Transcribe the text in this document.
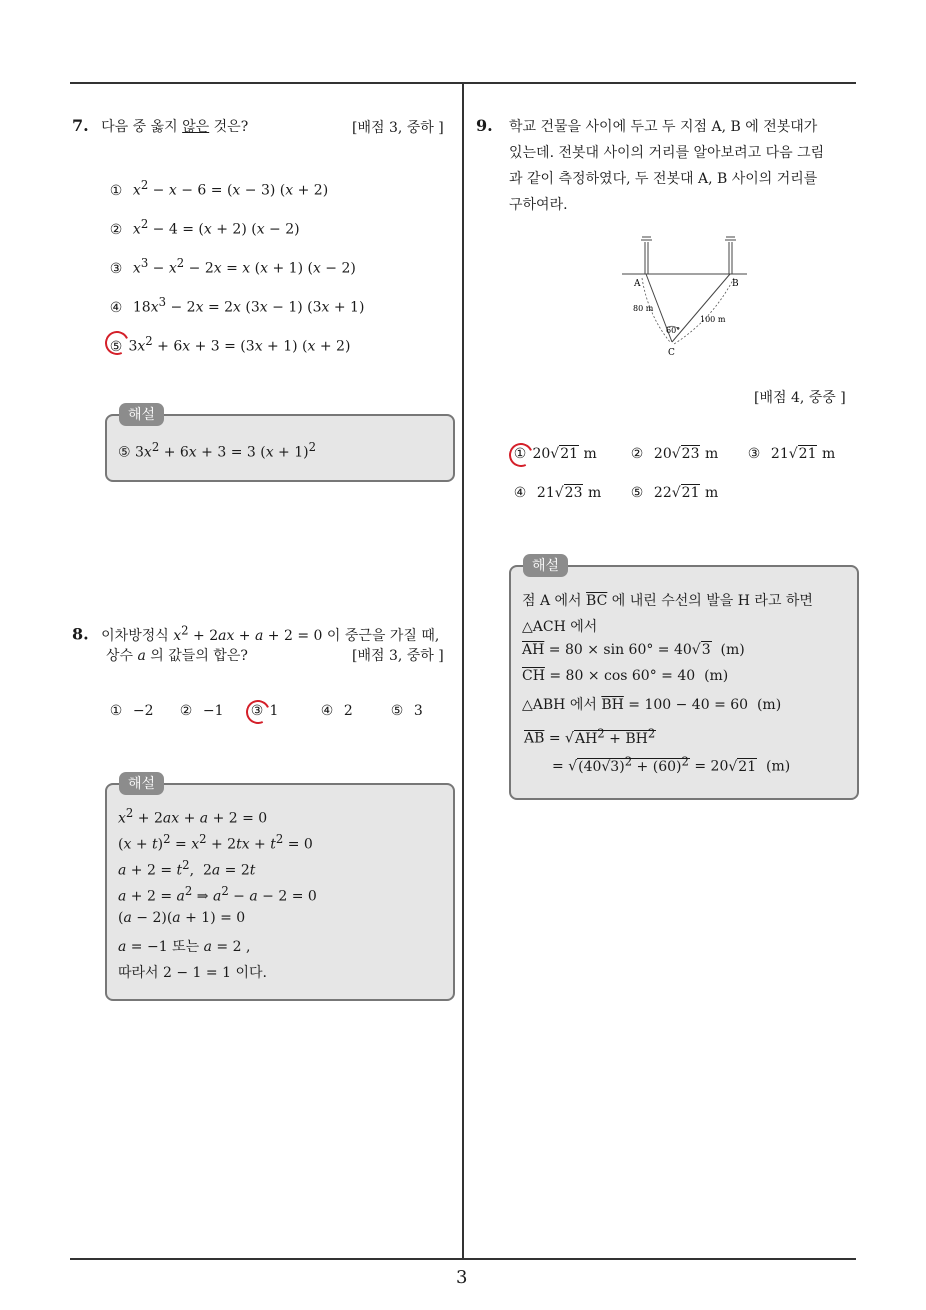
3
7. 다음 중 옳지 않은 것은?	[배점 3, 중하 ]
① $x^2 - x - 6 = (x - 3) (x + 2)$
② $x^2 - 4 = (x + 2) (x - 2)$
③ $x^3 - x^2 - 2x = x$ (x + 1) (x − 2)
④  $18x^3 - 2x = 2x$ (3x − 1) (3x + 1)
⑤ $3x^2 + 6x + 3 = (3x + 1) (x + 2)$
해설
⑤ $3x^2 + 6x + 3 = 3$ $(x + 1)^2$
8. 이차방정식 $x^2 + 2ax + a + 2 = 0$ 이 중근을 가질 때,
상수 a 의 값들의 합은?	[배점 3, 중하 ]
① −2 ② −1 ③ 1	④ 2	⑤ 3
해설
$x^2 + 2ax + a + 2 = 0$
$(x + t)^2 = x^2 + 2tx + t^2 = 0$
$a + 2 = t^2$,  2a = 2t
$a + 2 = a^2$ ⇒ $a^2 - a - 2 = 0$
(a − 2)(a + 1) = 0
a = −1 또는 a = 2 ,
따라서 2 − 1 = 1 이다.
9. 학교 건물을 사이에 두고 두 지점 A, B 에 전봇대가
있는데. 전봇대 사이의 거리를 알아보려고 다음 그림
과 같이 측정하였다, 두 전봇대 A, B 사이의 거리를
구하여라.
A	B
C
80 m
100 m
60°
[배점 4, 중중 ]
① 20√21 m ② 20√23 m ③ 21√21 m
④ 21√23 m ⑤ 22√21 m
해설
점 A 에서 $\overline{BC}$ 에 내린 수선의 발을 H 라고 하면
△ACH 에서
$\overline{AH} = 80 \times \sin 60^\circ = 40√3$  (m)
$\overline{CH} = 80 \times \cos 60^\circ = 40$  (m)
△ABH 에서 $\overline{BH} = 100 - 40 = 60$  (m)
$\overline{AB} = √AH^2 + \overline{BH}^2$
= $√(40√3)^2 + (60)^2 = 20√21$  (m)
